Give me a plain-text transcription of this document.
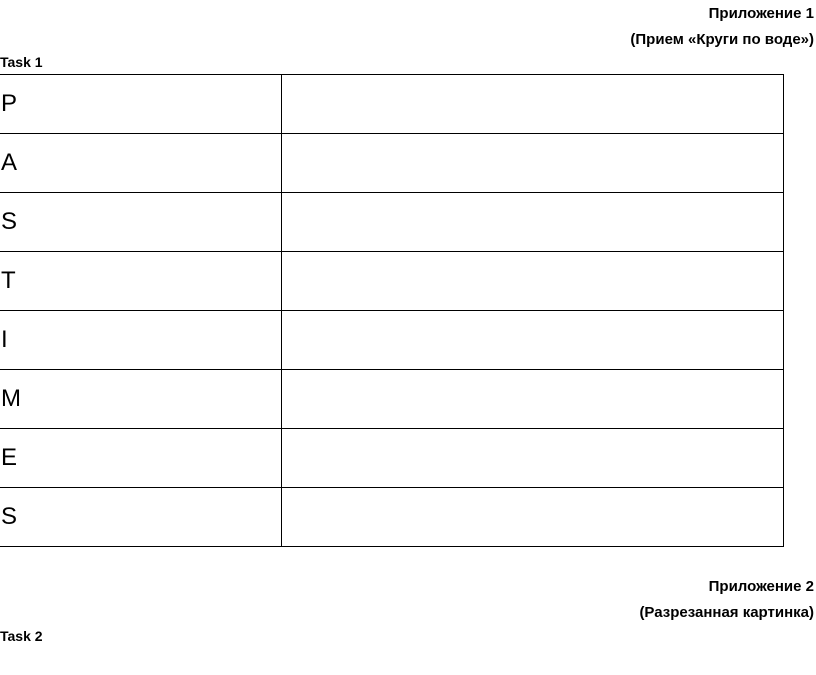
Приложение 1
(Прием «Круги по воде»)
Task 1
P	
A	
S	
T	
I	
M	
E	
S	
Приложение 2
(Разрезанная картинка)
Task 2
